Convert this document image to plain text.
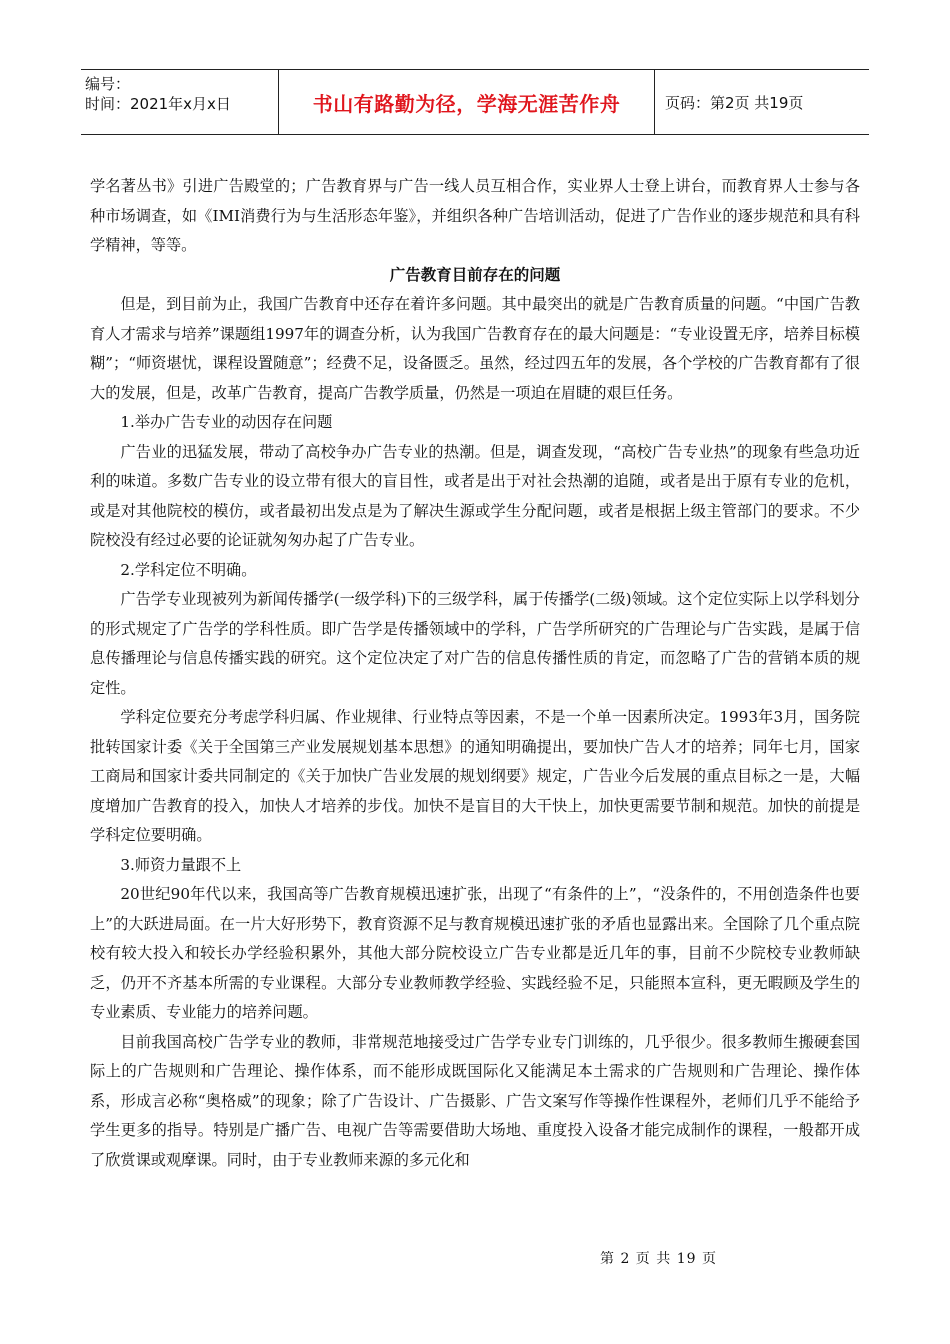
编号：
时间：2021年x月x日	书山有路勤为径，学海无涯苦作舟	页码：第2页 共19页

学名著丛书》引进广告殿堂的；广告教育界与广告一线人员互相合作，实业界人士登上讲台，而教育界人士参与各种市场调查，如《IMI消费行为与生活形态年鉴》，并组织各种广告培训活动，促进了广告作业的逐步规范和具有科学精神，等等。

广告教育目前存在的问题

但是，到目前为止，我国广告教育中还存在着许多问题。其中最突出的就是广告教育质量的问题。“中国广告教育人才需求与培养”课题组1997年的调查分析，认为我国广告教育存在的最大问题是：“专业设置无序，培养目标模糊”；“师资堪忧，课程设置随意”；经费不足，设备匮乏。虽然，经过四五年的发展，各个学校的广告教育都有了很大的发展，但是，改革广告教育，提高广告教学质量，仍然是一项迫在眉睫的艰巨任务。

1.举办广告专业的动因存在问题

广告业的迅猛发展，带动了高校争办广告专业的热潮。但是，调查发现，“高校广告专业热”的现象有些急功近利的味道。多数广告专业的设立带有很大的盲目性，或者是出于对社会热潮的追随，或者是出于原有专业的危机，或是对其他院校的模仿，或者最初出发点是为了解决生源或学生分配问题，或者是根据上级主管部门的要求。不少院校没有经过必要的论证就匆匆办起了广告专业。

2.学科定位不明确。

广告学专业现被列为新闻传播学(一级学科)下的三级学科，属于传播学(二级)领域。这个定位实际上以学科划分的形式规定了广告学的学科性质。即广告学是传播领域中的学科，广告学所研究的广告理论与广告实践，是属于信息传播理论与信息传播实践的研究。这个定位决定了对广告的信息传播性质的肯定，而忽略了广告的营销本质的规定性。

学科定位要充分考虑学科归属、作业规律、行业特点等因素，不是一个单一因素所决定。1993年3月，国务院批转国家计委《关于全国第三产业发展规划基本思想》的通知明确提出，要加快广告人才的培养；同年七月，国家工商局和国家计委共同制定的《关于加快广告业发展的规划纲要》规定，广告业今后发展的重点目标之一是，大幅度增加广告教育的投入，加快人才培养的步伐。加快不是盲目的大干快上，加快更需要节制和规范。加快的前提是学科定位要明确。

3.师资力量跟不上

20世纪90年代以来，我国高等广告教育规模迅速扩张，出现了“有条件的上”，“没条件的，不用创造条件也要上”的大跃进局面。在一片大好形势下，教育资源不足与教育规模迅速扩张的矛盾也显露出来。全国除了几个重点院校有较大投入和较长办学经验积累外，其他大部分院校设立广告专业都是近几年的事，目前不少院校专业教师缺乏，仍开不齐基本所需的专业课程。大部分专业教师教学经验、实践经验不足，只能照本宣科，更无暇顾及学生的专业素质、专业能力的培养问题。

目前我国高校广告学专业的教师，非常规范地接受过广告学专业专门训练的，几乎很少。很多教师生搬硬套国际上的广告规则和广告理论、操作体系，而不能形成既国际化又能满足本土需求的广告规则和广告理论、操作体系，形成言必称“奥格威”的现象；除了广告设计、广告摄影、广告文案写作等操作性课程外，老师们几乎不能给予学生更多的指导。特别是广播广告、电视广告等需要借助大场地、重度投入设备才能完成制作的课程，一般都开成了欣赏课或观摩课。同时，由于专业教师来源的多元化和

第 2 页 共 19 页
